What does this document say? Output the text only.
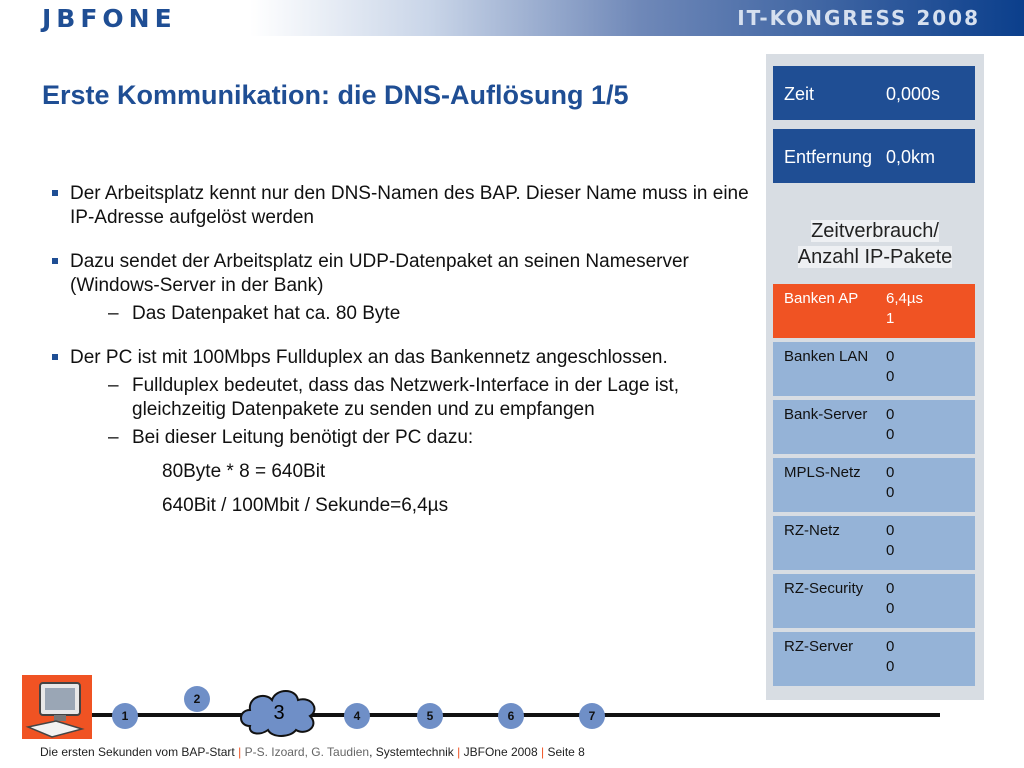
JBFONE	IT-KONGRESS 2008
Erste Kommunikation: die DNS-Auflösung 1/5
Der Arbeitsplatz kennt nur den DNS-Namen des BAP. Dieser Name muss in eine IP-Adresse aufgelöst werden
Dazu sendet der Arbeitsplatz ein UDP-Datenpaket an seinen Nameserver (Windows-Server in der Bank)
– Das Datenpaket hat ca. 80 Byte
Der PC ist mit 100Mbps Fullduplex an das Bankennetz angeschlossen.
– Fullduplex bedeutet, dass das Netzwerk-Interface in der Lage ist, gleichzeitig Datenpakete zu senden und zu empfangen
– Bei dieser Leitung benötigt der PC dazu:
80Byte * 8 = 640Bit
640Bit / 100Mbit / Sekunde=6,4µs
Zeit	0,000s
Entfernung 0,0km
Zeitverbrauch/
Anzahl IP-Pakete
Banken AP 6,4µs
1
Banken LAN 0
0
Bank-Server 0
0
MPLS-Netz 0
0
RZ-Netz	0
0
RZ-Security 0
0
RZ-Server 0
0
1
2
3	4	5	6	7
Die ersten Sekunden vom BAP-Start | P-S. Izoard, G. Taudien, Systemtechnik | JBFOne 2008 | Seite 8
